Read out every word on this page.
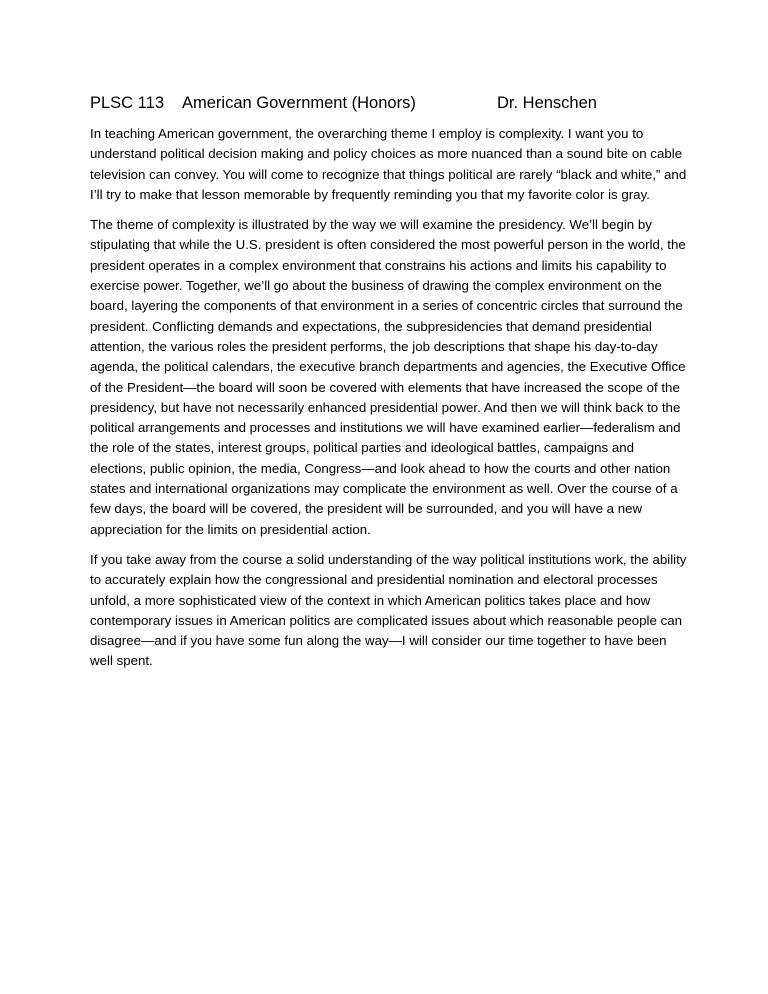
PLSC 113 American Government (Honors)	Dr. Henschen

In teaching American government, the overarching theme I employ is complexity. I want you to understand political decision making and policy choices as more nuanced than a sound bite on cable television can convey. You will come to recognize that things political are rarely “black and white,” and I’ll try to make that lesson memorable by frequently reminding you that my favorite color is gray.

The theme of complexity is illustrated by the way we will examine the presidency. We’ll begin by stipulating that while the U.S. president is often considered the most powerful person in the world, the president operates in a complex environment that constrains his actions and limits his capability to exercise power. Together, we’ll go about the business of drawing the complex environment on the board, layering the components of that environment in a series of concentric circles that surround the president. Conflicting demands and expectations, the subpresidencies that demand presidential attention, the various roles the president performs, the job descriptions that shape his day-to-day agenda, the political calendars, the executive branch departments and agencies, the Executive Office of the President—the board will soon be covered with elements that have increased the scope of the presidency, but have not necessarily enhanced presidential power. And then we will think back to the political arrangements and processes and institutions we will have examined earlier—federalism and the role of the states, interest groups, political parties and ideological battles, campaigns and elections, public opinion, the media, Congress—and look ahead to how the courts and other nation states and international organizations may complicate the environment as well. Over the course of a few days, the board will be covered, the president will be surrounded, and you will have a new appreciation for the limits on presidential action.

If you take away from the course a solid understanding of the way political institutions work, the ability to accurately explain how the congressional and presidential nomination and electoral processes unfold, a more sophisticated view of the context in which American politics takes place and how contemporary issues in American politics are complicated issues about which reasonable people can disagree—and if you have some fun along the way—I will consider our time together to have been well spent.
